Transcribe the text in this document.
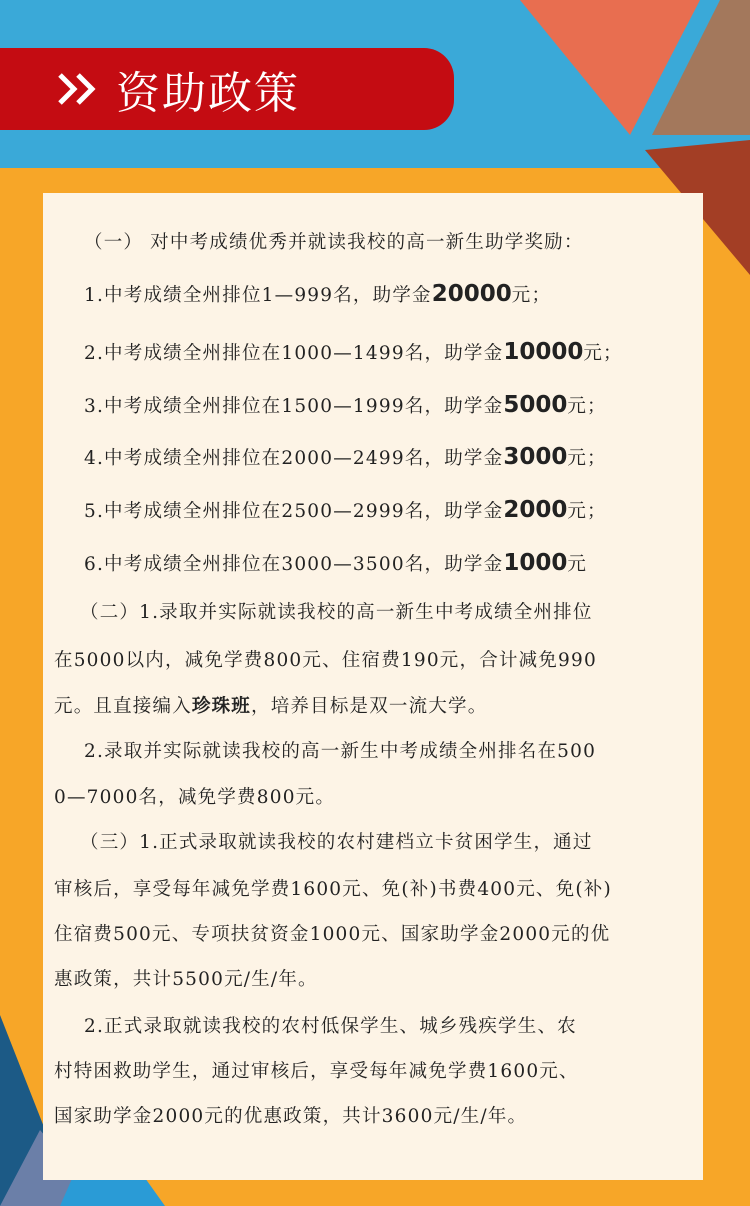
资助政策
（一） 对中考成绩优秀并就读我校的高一新生助学奖励：
1.中考成绩全州排位1—999名，助学金20000元；
2.中考成绩全州排位在1000—1499名，助学金10000元；
3.中考成绩全州排位在1500—1999名，助学金5000元；
4.中考成绩全州排位在2000—2499名，助学金3000元；
5.中考成绩全州排位在2500—2999名，助学金2000元；
6.中考成绩全州排位在3000—3500名，助学金1000元
（二）1.录取并实际就读我校的高一新生中考成绩全州排位
在5000以内，减免学费800元、住宿费190元，合计减免990
元。且直接编入珍珠班，培养目标是双一流大学。
2.录取并实际就读我校的高一新生中考成绩全州排名在500
0—7000名，减免学费800元。
（三）1.正式录取就读我校的农村建档立卡贫困学生，通过
审核后，享受每年减免学费1600元、免(补)书费400元、免(补)
住宿费500元、专项扶贫资金1000元、国家助学金2000元的优
惠政策，共计5500元/生/年。
2.正式录取就读我校的农村低保学生、城乡残疾学生、农
村特困救助学生，通过审核后，享受每年减免学费1600元、
国家助学金2000元的优惠政策，共计3600元/生/年。
